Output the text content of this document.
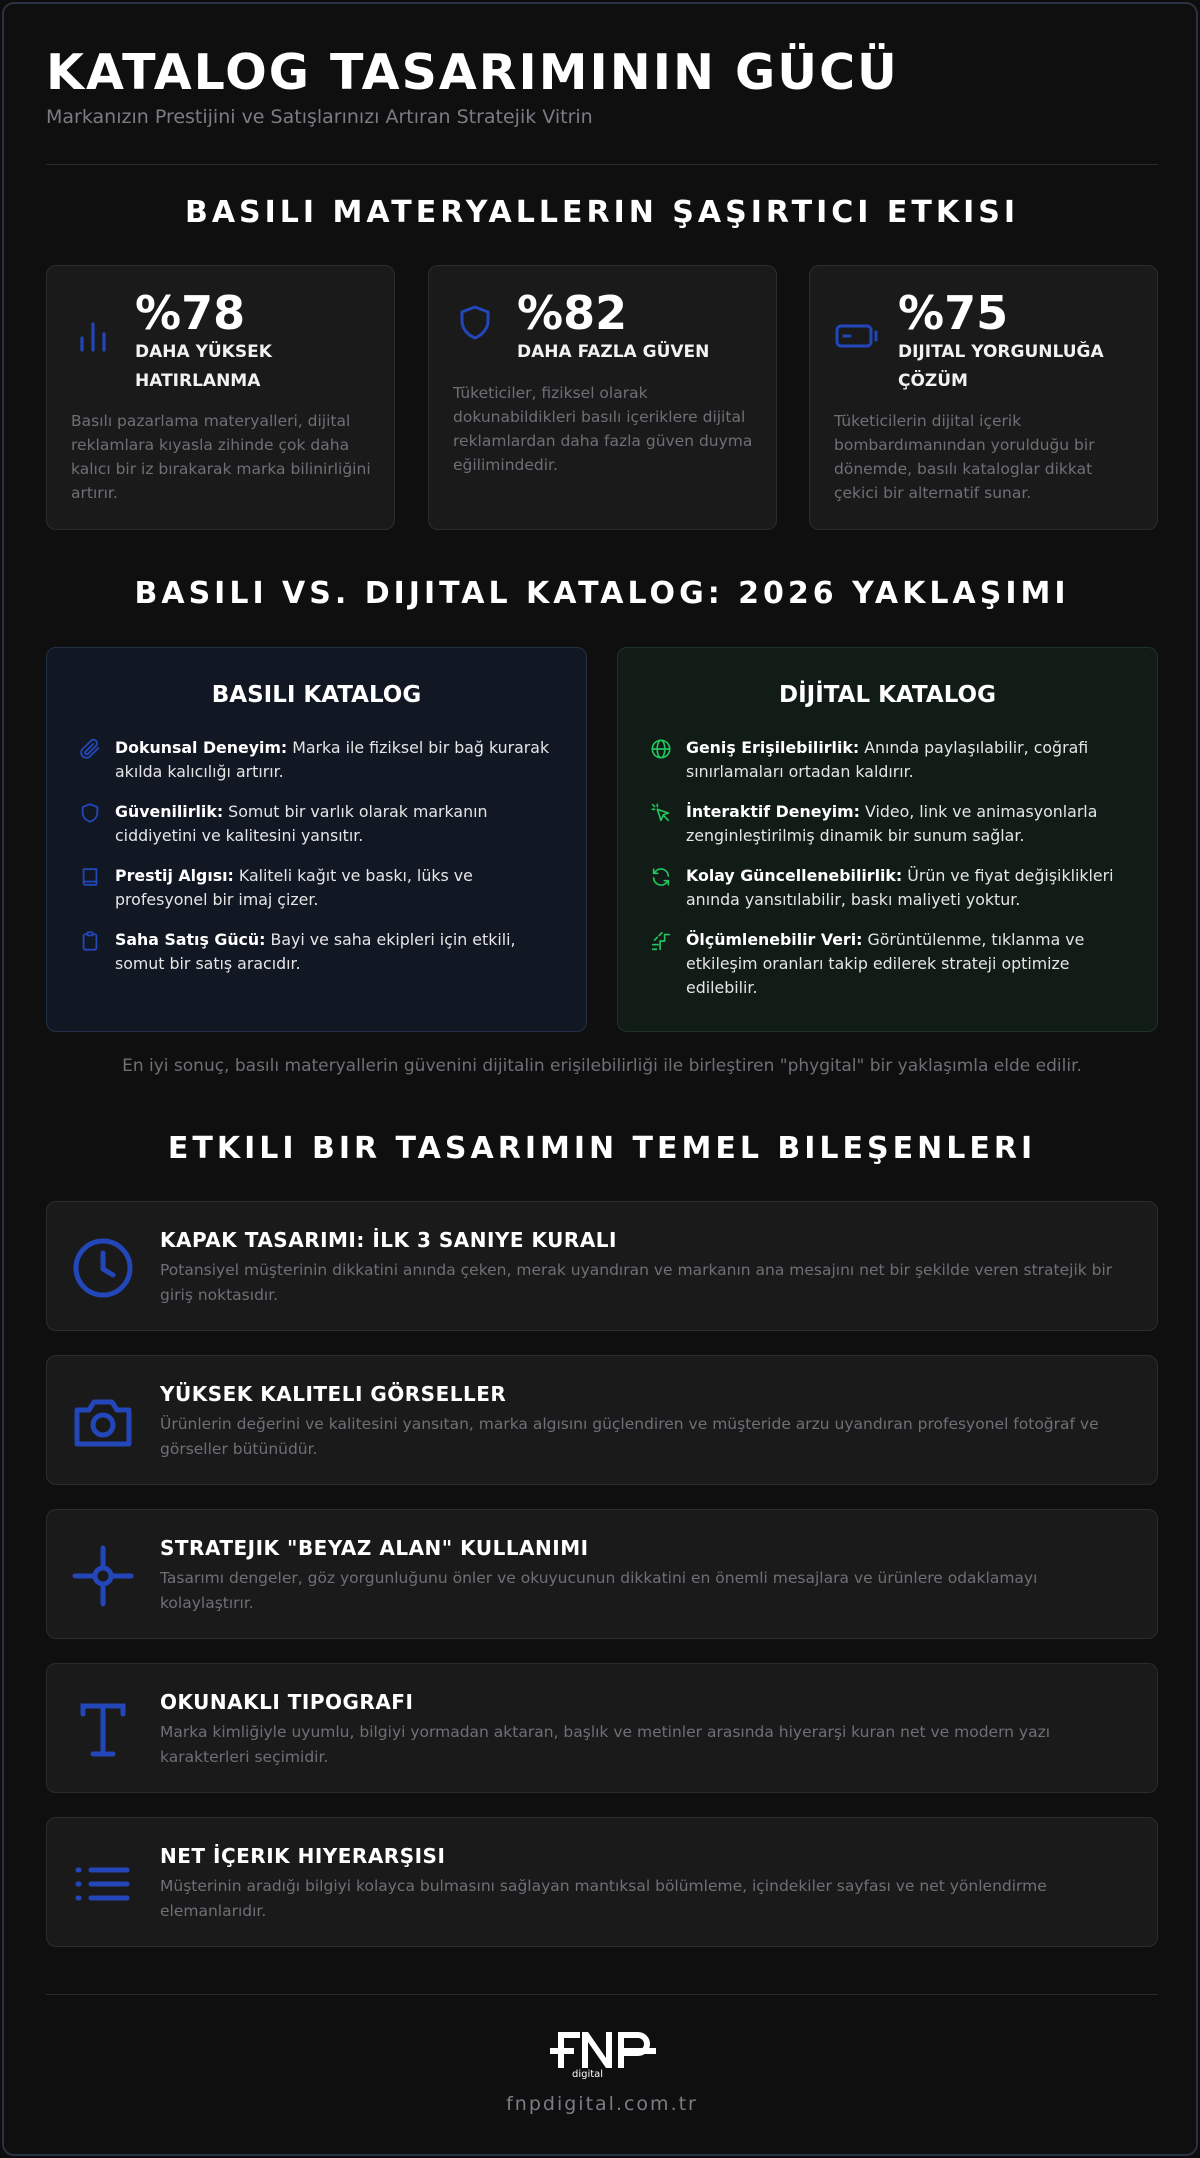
KATALOG TASARIMININ GÜCÜ
Markanızın Prestijini ve Satışlarınızı Artıran Stratejik Vitrin
BASILI MATERYALLERIN ŞAŞIRTICI ETKISI
%78
DAHA YÜKSEK HATIRLANMA
Basılı pazarlama materyalleri, dijital reklamlara kıyasla zihinde çok daha kalıcı bir iz bırakarak marka bilinirliğini artırır.
%82
DAHA FAZLA GÜVEN
Tüketiciler, fiziksel olarak dokunabildikleri basılı içeriklere dijital reklamlardan daha fazla güven duyma eğilimindedir.
%75
DIJITAL YORGUNLUĞA ÇÖZÜM
Tüketicilerin dijital içerik bombardımanından yorulduğu bir dönemde, basılı kataloglar dikkat çekici bir alternatif sunar.
BASILI VS. DIJITAL KATALOG: 2026 YAKLAŞIMI
BASILI KATALOG
Dokunsal Deneyim: Marka ile fiziksel bir bağ kurarak akılda kalıcılığı artırır.
Güvenilirlik: Somut bir varlık olarak markanın ciddiyetini ve kalitesini yansıtır.
Prestij Algısı: Kaliteli kağıt ve baskı, lüks ve profesyonel bir imaj çizer.
Saha Satış Gücü: Bayi ve saha ekipleri için etkili, somut bir satış aracıdır.
DİJİTAL KATALOG
Geniş Erişilebilirlik: Anında paylaşılabilir, coğrafi sınırlamaları ortadan kaldırır.
İnteraktif Deneyim: Video, link ve animasyonlarla zenginleştirilmiş dinamik bir sunum sağlar.
Kolay Güncellenebilirlik: Ürün ve fiyat değişiklikleri anında yansıtılabilir, baskı maliyeti yoktur.
Ölçümlenebilir Veri: Görüntülenme, tıklanma ve etkileşim oranları takip edilerek strateji optimize edilebilir.
En iyi sonuç, basılı materyallerin güvenini dijitalin erişilebilirliği ile birleştiren "phygital" bir yaklaşımla elde edilir.
ETKILI BIR TASARIMIN TEMEL BILEŞENLERI
KAPAK TASARIMI: İLK 3 SANIYE KURALI
Potansiyel müşterinin dikkatini anında çeken, merak uyandıran ve markanın ana mesajını net bir şekilde veren stratejik bir giriş noktasıdır.
YÜKSEK KALITELI GÖRSELLER
Ürünlerin değerini ve kalitesini yansıtan, marka algısını güçlendiren ve müşteride arzu uyandıran profesyonel fotoğraf ve görseller bütünüdür.
STRATEJIK "BEYAZ ALAN" KULLANIMI
Tasarımı dengeler, göz yorgunluğunu önler ve okuyucunun dikkatini en önemli mesajlara ve ürünlere odaklamayı kolaylaştırır.
OKUNAKLI TIPOGRAFI
Marka kimliğiyle uyumlu, bilgiyi yormadan aktaran, başlık ve metinler arasında hiyerarşi kuran net ve modern yazı karakterleri seçimidir.
NET İÇERIK HIYERARŞISI
Müşterinin aradığı bilgiyi kolayca bulmasını sağlayan mantıksal bölümleme, içindekiler sayfası ve net yönlendirme elemanlarıdır.
digital
fnpdigital.com.tr
